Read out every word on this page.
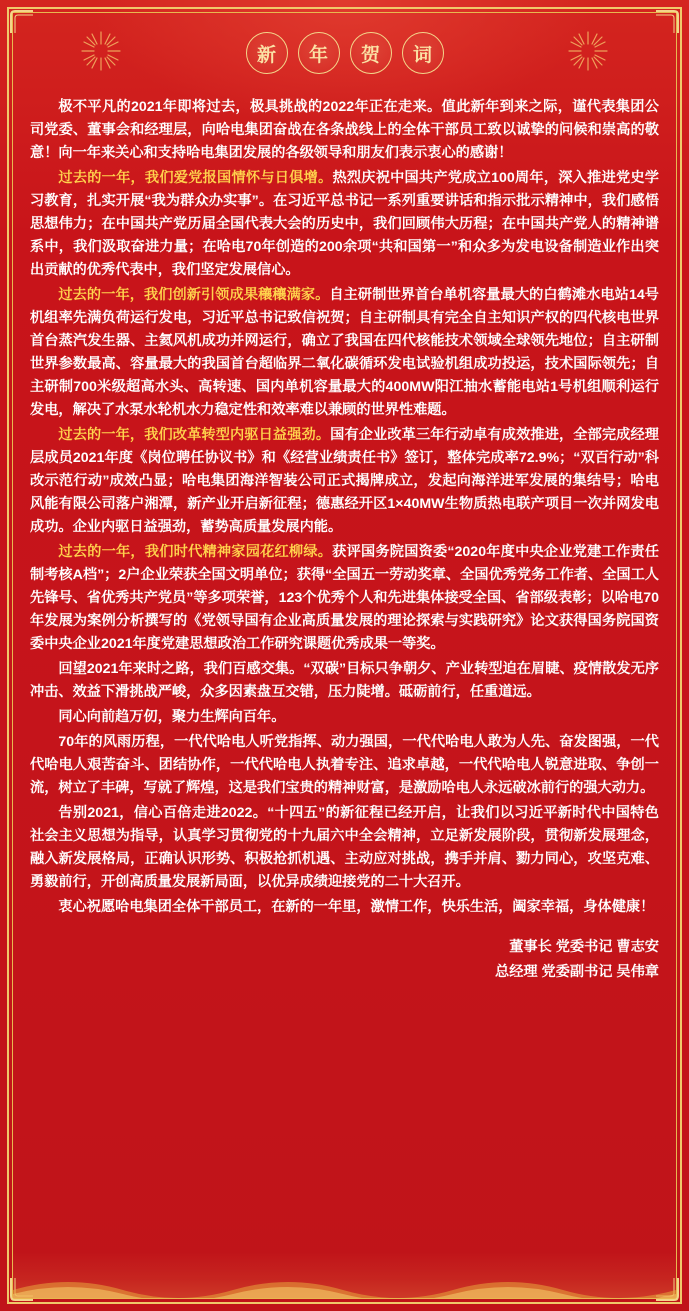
新	年	贺	词

极不平凡的2021年即将过去，极具挑战的2022年正在走来。值此新年到来之际，谨代表集团公司党委、董事会和经理层，向哈电集团奋战在各条战线上的全体干部员工致以诚挚的问候和崇高的敬意！向一年来关心和支持哈电集团发展的各级领导和朋友们表示衷心的感谢！

过去的一年，我们爱党报国情怀与日俱增。热烈庆祝中国共产党成立100周年，深入推进党史学习教育，扎实开展“我为群众办实事”。在习近平总书记一系列重要讲话和指示批示精神中，我们感悟思想伟力；在中国共产党历届全国代表大会的历史中，我们回顾伟大历程；在中国共产党人的精神谱系中，我们汲取奋进力量；在哈电70年创造的200余项“共和国第一”和众多为发电设备制造业作出突出贡献的优秀代表中，我们坚定发展信心。

过去的一年，我们创新引领成果穰穰满家。自主研制世界首台单机容量最大的白鹤滩水电站14号机组率先满负荷运行发电，习近平总书记致信祝贺；自主研制具有完全自主知识产权的四代核电世界首台蒸汽发生器、主氦风机成功并网运行，确立了我国在四代核能技术领域全球领先地位；自主研制世界参数最高、容量最大的我国首台超临界二氧化碳循环发电试验机组成功投运，技术国际领先；自主研制700米级超高水头、高转速、国内单机容量最大的400MW阳江抽水蓄能电站1号机组顺利运行发电，解决了水泵水轮机水力稳定性和效率难以兼顾的世界性难题。

过去的一年，我们改革转型内驱日益强劲。国有企业改革三年行动卓有成效推进，全部完成经理层成员2021年度《岗位聘任协议书》和《经营业绩责任书》签订，整体完成率72.9%；“双百行动”科改示范行动”成效凸显；哈电集团海洋智装公司正式揭牌成立，发起向海洋进军发展的集结号；哈电风能有限公司落户湘潭，新产业开启新征程；德惠经开区1×40MW生物质热电联产项目一次并网发电成功。企业内驱日益强劲，蓄势高质量发展内能。

过去的一年，我们时代精神家园花红柳绿。获评国务院国资委“2020年度中央企业党建工作责任制考核A档”；2户企业荣获全国文明单位；获得“全国五一劳动奖章、全国优秀党务工作者、全国工人先锋号、省优秀共产党员”等多项荣誉，123个优秀个人和先进集体接受全国、省部级表彰；以哈电70年发展为案例分析撰写的《党领导国有企业高质量发展的理论探索与实践研究》论文获得国务院国资委中央企业2021年度党建思想政治工作研究课题优秀成果一等奖。

回望2021年来时之路，我们百感交集。“双碳”目标只争朝夕、产业转型迫在眉睫、疫情散发无序冲击、效益下滑挑战严峻，众多因素盘互交错，压力陡增。砥砺前行，任重道远。

同心向前趋万仞，聚力生辉向百年。

70年的风雨历程，一代代哈电人听党指挥、动力强国，一代代哈电人敢为人先、奋发图强，一代代哈电人艰苦奋斗、团结协作，一代代哈电人执着专注、追求卓越，一代代哈电人锐意进取、争创一流，树立了丰碑，写就了辉煌，这是我们宝贵的精神财富，是激励哈电人永远破冰前行的强大动力。

告别2021，信心百倍走进2022。“十四五”的新征程已经开启，让我们以习近平新时代中国特色社会主义思想为指导，认真学习贯彻党的十九届六中全会精神，立足新发展阶段，贯彻新发展理念，融入新发展格局，正确认识形势、积极抢抓机遇、主动应对挑战，携手并肩、勠力同心，攻坚克难、勇毅前行，开创高质量发展新局面，以优异成绩迎接党的二十大召开。

衷心祝愿哈电集团全体干部员工，在新的一年里，激情工作，快乐生活，阖家幸福，身体健康！

董事长 党委书记 曹志安
总经理 党委副书记 吴伟章
